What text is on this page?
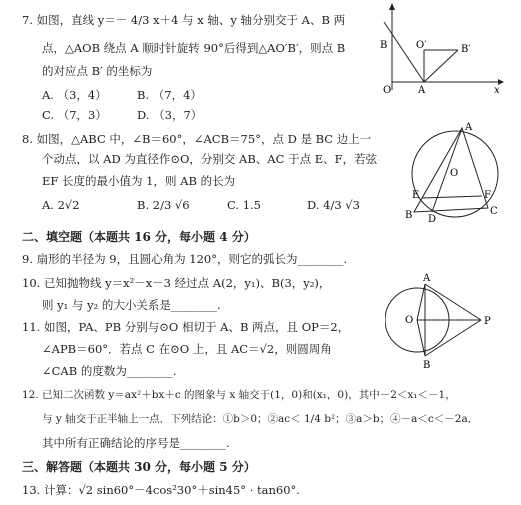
7. 如图，直线 y＝－ 4/3 x＋4 与 x 轴、y 轴分别交于 A、B 两
点，△AOB 绕点 A 顺时针旋转 90°后得到△AO′B′，则点 B
的对应点 B′ 的坐标为
A. （3，4）	B. （7，4）
C. （7，3）	D. （3，7）
B	O′	B′
O	A	x
8. 如图，△ABC 中，∠B＝60°，∠ACB＝75°，点 D 是 BC 边上一
个动点，以 AD 为直径作⊙O，分别交 AB、AC 于点 E、F，若弦
EF 长度的最小值为 1，则 AB 的长为
A. 2√2	B. 2/3 √6	C. 1.5	D. 4/3 √3
A
O
E	F
B D
C
二、填空题（本题共 16 分，每小题 4 分）
9. 扇形的半径为 9，且圆心角为 120°，则它的弧长为________.
10. 已知抛物线 y＝x²－x－3 经过点 A(2，y₁)、B(3，y₂)，
则 y₁ 与 y₂ 的大小关系是________.
11. 如图，PA、PB 分别与⊙O 相切于 A、B 两点，且 OP＝2，
∠APB＝60°．若点 C 在⊙O 上，且 AC＝√2，则圆周角
∠CAB 的度数为________.
A
O	P
B
12. 已知二次函数 y＝ax²＋bx＋c 的图象与 x 轴交于(1，0)和(x₁，0)，其中－2＜x₁＜－1，
与 y 轴交于正半轴上一点．下列结论：①b＞0；②ac＜ 1/4 b²；③a＞b；④－a＜c＜－2a．
其中所有正确结论的序号是________.
三、解答题（本题共 30 分，每小题 5 分）
13. 计算：√2 sin60°－4cos²30°＋sin45° · tan60°.
